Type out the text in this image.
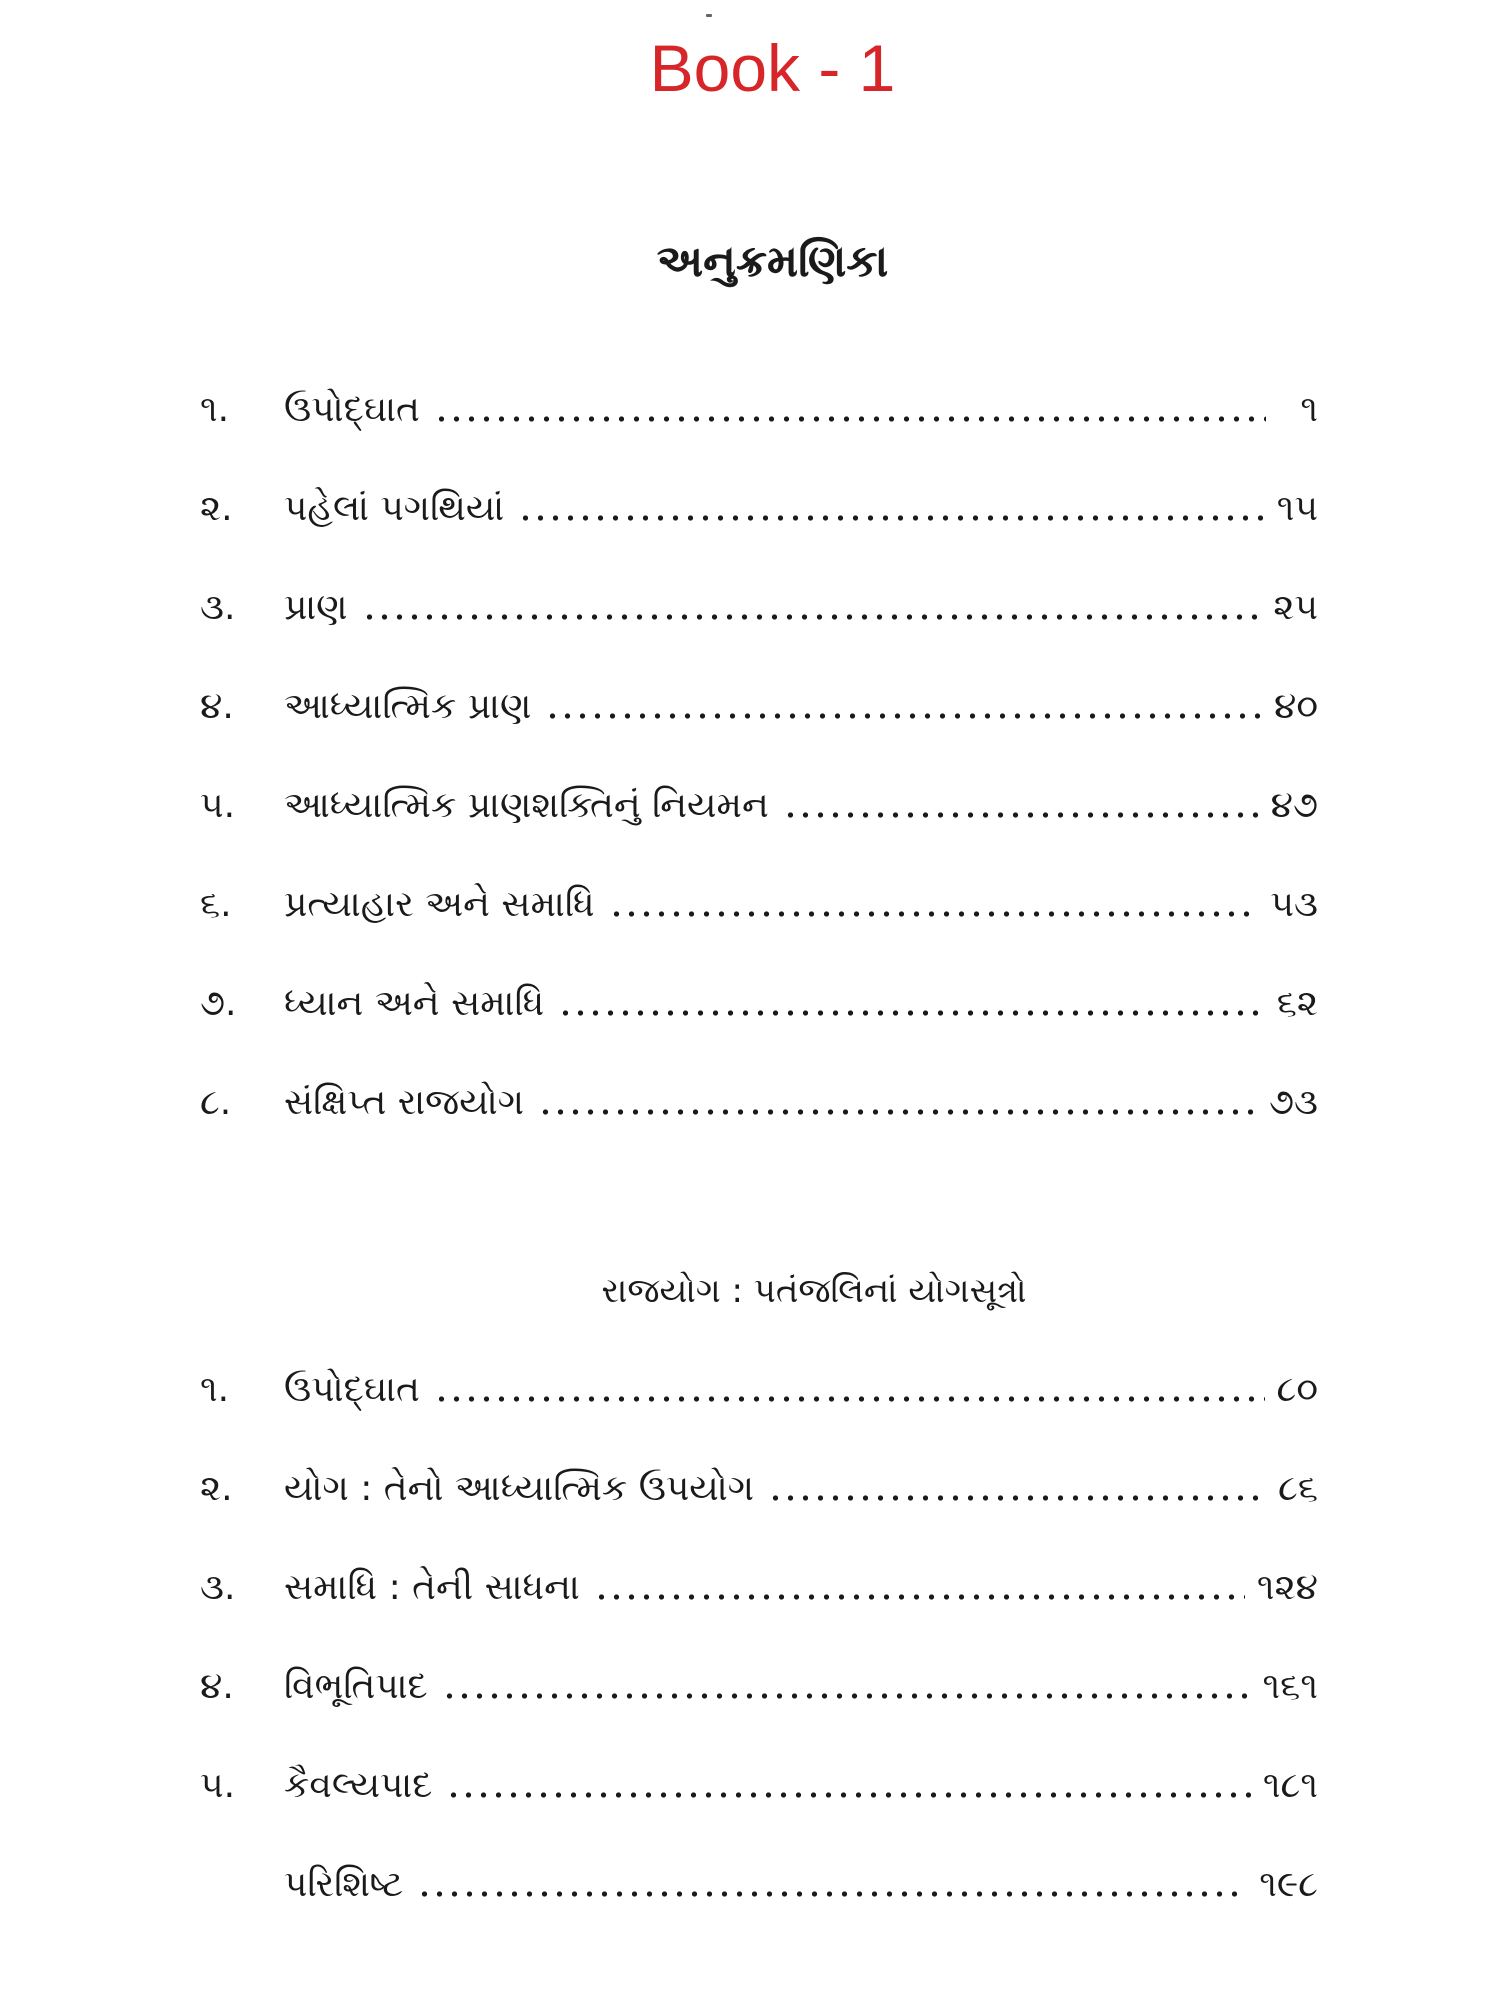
Book - 1
અનુક્રમણિકા
૧.	ઉપોદ્‌ઘાત	૧
૨.	પહેલાં પગથિયાં	૧૫
૩.	પ્રાણ	૨૫
૪.	આધ્યાત્મિક પ્રાણ	૪૦
૫.	આધ્યાત્મિક પ્રાણશક્તિનું નિયમન	૪૭
૬.	પ્રત્યાહાર અને સમાધિ	૫૩
૭.	ધ્યાન અને સમાધિ	૬૨
૮.	સંક્ષિપ્ત રાજયોગ	૭૩
રાજયોગ : પતંજલિનાં યોગસૂત્રો
૧.	ઉપોદ્‌ઘાત	૮૦
૨.	યોગ : તેનો આધ્યાત્મિક ઉપયોગ	૮૬
૩.	સમાધિ : તેની સાધના	૧૨૪
૪.	વિભૂતિપાદ	૧૬૧
૫.	કૈવલ્યપાદ	૧૮૧
પરિશિષ્ટ	૧૯૮
